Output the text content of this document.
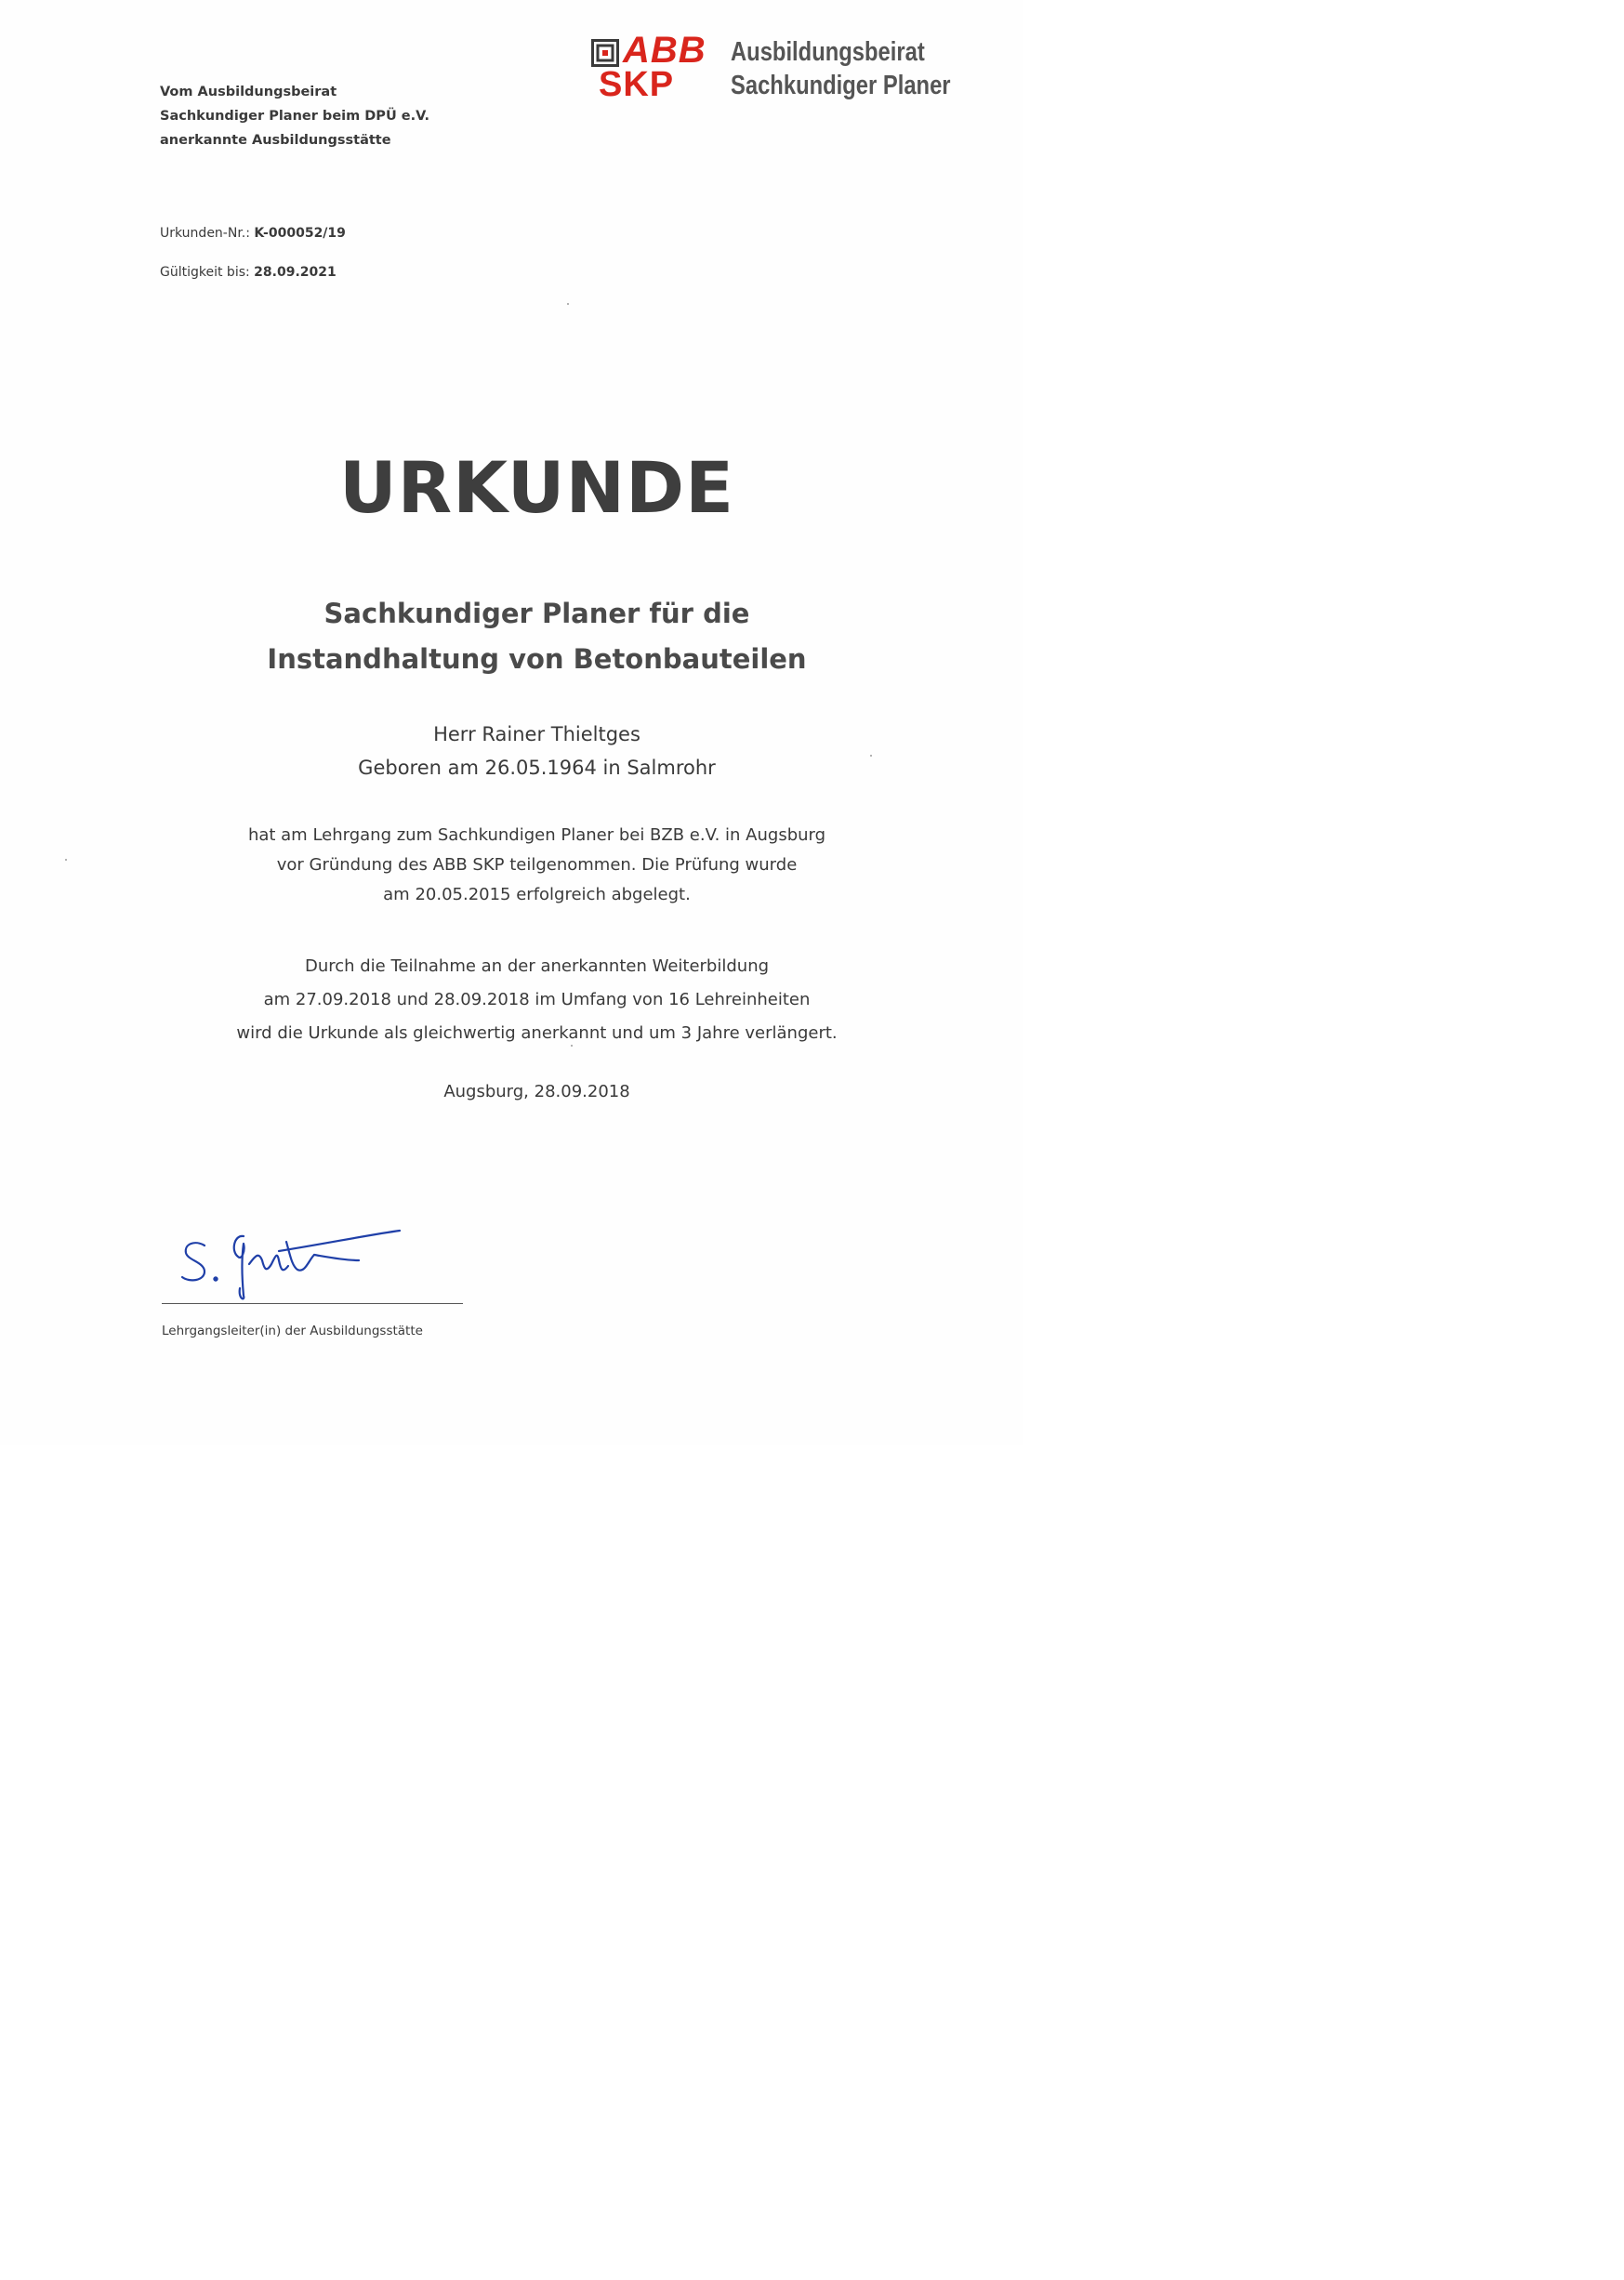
ABB
SKP
Ausbildungsbeirat
Sachkundiger Planer
Vom Ausbildungsbeirat
Sachkundiger Planer beim DPÜ e.V.
anerkannte Ausbildungsstätte
Urkunden-Nr.: K-000052/19
Gültigkeit bis: 28.09.2021
URKUNDE
Sachkundiger Planer für die
Instandhaltung von Betonbauteilen
Herr Rainer Thieltges
Geboren am 26.05.1964 in Salmrohr
hat am Lehrgang zum Sachkundigen Planer bei BZB e.V. in Augsburg
vor Gründung des ABB SKP teilgenommen. Die Prüfung wurde
am 20.05.2015 erfolgreich abgelegt.
Durch die Teilnahme an der anerkannten Weiterbildung
am 27.09.2018 und 28.09.2018 im Umfang von 16 Lehreinheiten
wird die Urkunde als gleichwertig anerkannt und um 3 Jahre verlängert.
Augsburg, 28.09.2018
Lehrgangsleiter(in) der Ausbildungsstätte
